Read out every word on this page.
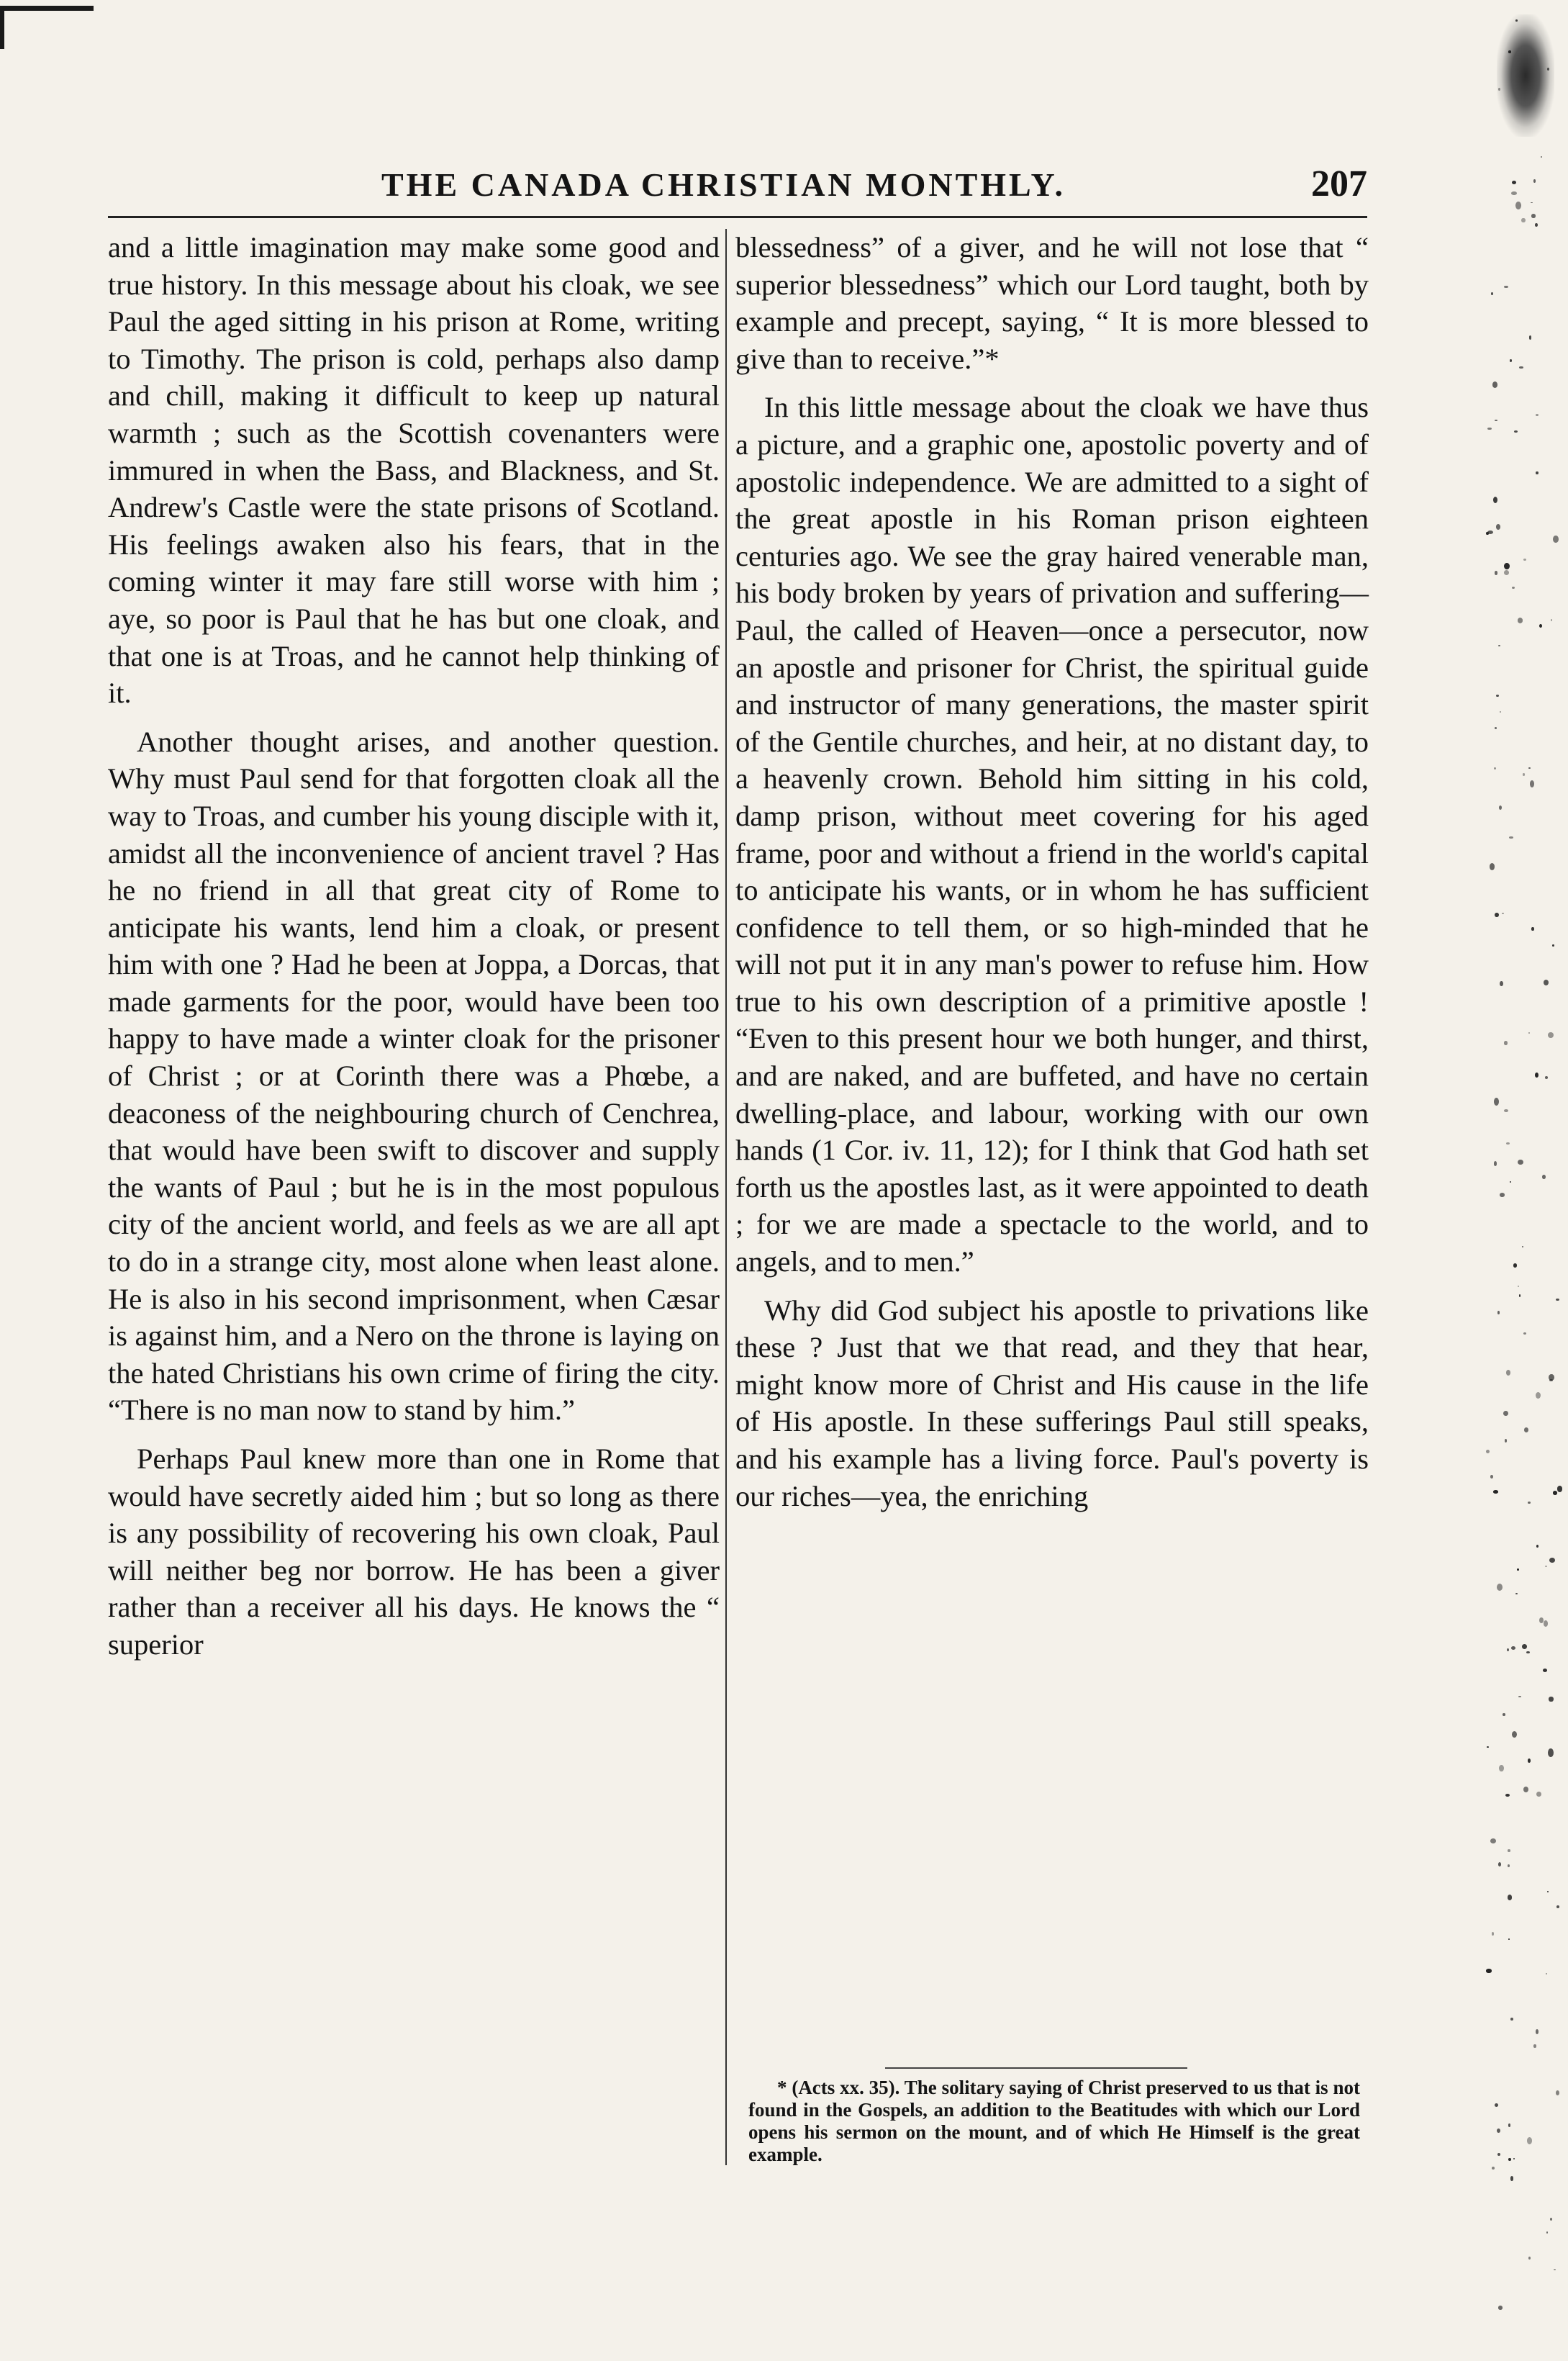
THE CANADA CHRISTIAN MONTHLY.	207

and a little imagination may make some good and true history. In this message about his cloak, we see Paul the aged sitting in his prison at Rome, writing to Timothy. The prison is cold, perhaps also damp and chill, making it difficult to keep up natural warmth ; such as the Scottish covenanters were immured in when the Bass, and Blackness, and St. Andrew's Castle were the state prisons of Scotland. His feelings awaken also his fears, that in the coming winter it may fare still worse with him ; aye, so poor is Paul that he has but one cloak, and that one is at Troas, and he cannot help thinking of it.

Another thought arises, and another question. Why must Paul send for that forgotten cloak all the way to Troas, and cumber his young disciple with it, amidst all the inconvenience of ancient travel ? Has he no friend in all that great city of Rome to anticipate his wants, lend him a cloak, or present him with one ? Had he been at Joppa, a Dorcas, that made garments for the poor, would have been too happy to have made a winter cloak for the prisoner of Christ ; or at Corinth there was a Phœbe, a deaconess of the neighbouring church of Cenchrea, that would have been swift to discover and supply the wants of Paul ; but he is in the most populous city of the ancient world, and feels as we are all apt to do in a strange city, most alone when least alone. He is also in his second imprisonment, when Cæsar is against him, and a Nero on the throne is laying on the hated Christians his own crime of firing the city. “There is no man now to stand by him.”

Perhaps Paul knew more than one in Rome that would have secretly aided him ; but so long as there is any possibility of recovering his own cloak, Paul will neither beg nor borrow. He has been a giver rather than a receiver all his days. He knows the “ superior

blessedness” of a giver, and he will not lose that “ superior blessedness” which our Lord taught, both by example and precept, saying, “ It is more blessed to give than to receive.”*

In this little message about the cloak we have thus a picture, and a graphic one, apostolic poverty and of apostolic independence. We are admitted to a sight of the great apostle in his Roman prison eighteen centuries ago. We see the gray haired venerable man, his body broken by years of privation and suffering—Paul, the called of Heaven—once a persecutor, now an apostle and prisoner for Christ, the spiritual guide and instructor of many generations, the master spirit of the Gentile churches, and heir, at no distant day, to a heavenly crown. Behold him sitting in his cold, damp prison, without meet covering for his aged frame, poor and without a friend in the world's capital to anticipate his wants, or in whom he has sufficient confidence to tell them, or so high-minded that he will not put it in any man's power to refuse him. How true to his own description of a primitive apostle ! “Even to this present hour we both hunger, and thirst, and are naked, and are buffeted, and have no certain dwelling-place, and labour, working with our own hands (1 Cor. iv. 11, 12); for I think that God hath set forth us the apostles last, as it were appointed to death ; for we are made a spectacle to the world, and to angels, and to men.”

Why did God subject his apostle to privations like these ? Just that we that read, and they that hear, might know more of Christ and His cause in the life of His apostle. In these sufferings Paul still speaks, and his example has a living force. Paul's poverty is our riches—yea, the enriching

* (Acts xx. 35). The solitary saying of Christ preserved to us that is not found in the Gospels, an addition to the Beatitudes with which our Lord opens his sermon on the mount, and of which He Himself is the great example.
